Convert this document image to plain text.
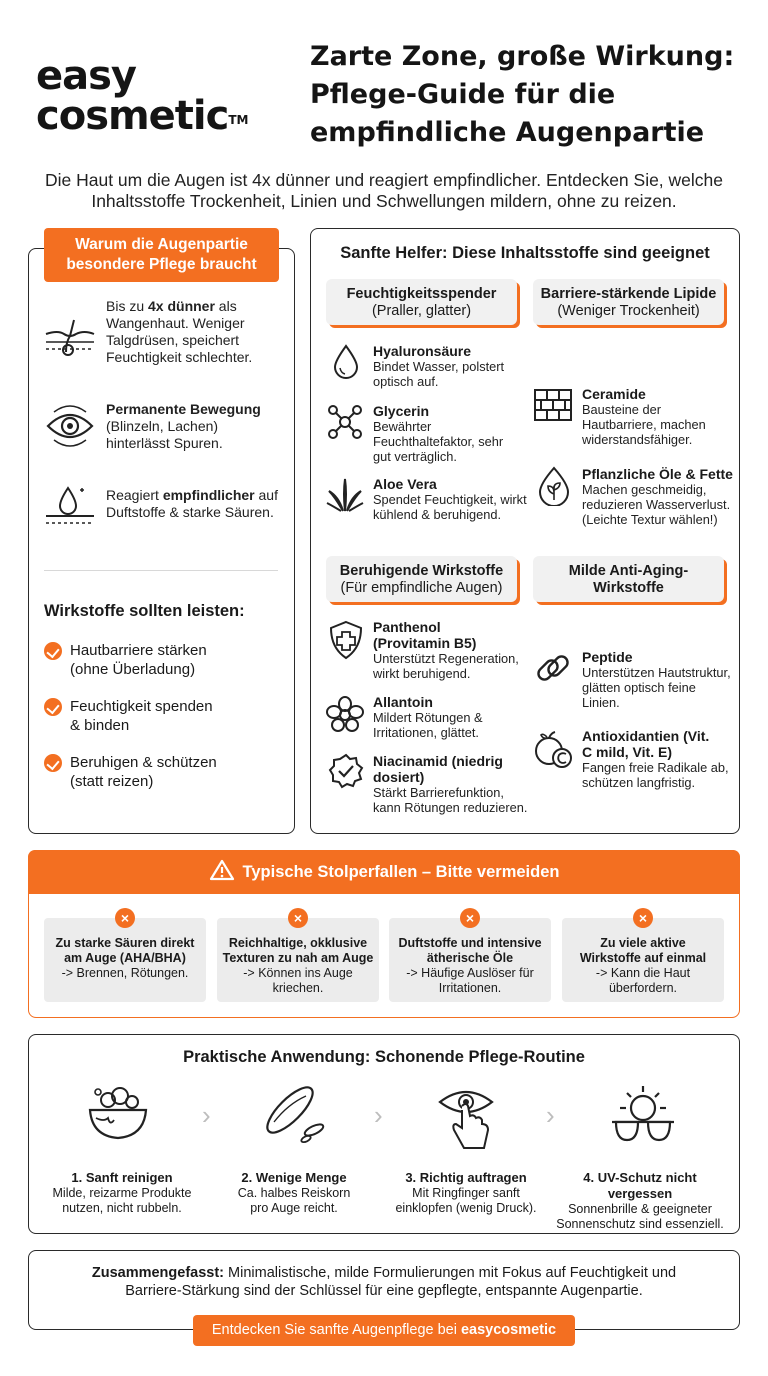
easy
cosmetic™
Zarte Zone, große Wirkung:
Pflege-Guide für die
empfindliche Augenpartie
Die Haut um die Augen ist 4x dünner und reagiert empfindlicher. Entdecken Sie, welche
Inhaltsstoffe Trockenheit, Linien und Schwellungen mildern, ohne zu reizen.
Warum die Augenpartie
besondere Pflege braucht
Bis zu 4x dünner als Wangenhaut. Weniger Talgdrüsen, speichert Feuchtigkeit schlechter.
Permanente Bewegung (Blinzeln, Lachen) hinterlässt Spuren.
Reagiert empfindlicher auf Duftstoffe & starke Säuren.
Wirkstoffe sollten leisten:
Hautbarriere stärken
(ohne Überladung)
Feuchtigkeit spenden
& binden
Beruhigen & schützen
(statt reizen)
Sanfte Helfer: Diese Inhaltsstoffe sind geeignet
Feuchtigkeitsspender
(Praller, glatter)
Barriere-stärkende Lipide
(Weniger Trockenheit)
Hyaluronsäure
Bindet Wasser, polstert optisch auf.
Glycerin
Bewährter Feuchthaltefaktor, sehr gut verträglich.
Aloe Vera
Spendet Feuchtigkeit, wirkt kühlend & beruhigend.
Ceramide
Bausteine der Hautbarriere, machen widerstandsfähiger.
Pflanzliche Öle & Fette
Machen geschmeidig, reduzieren Wasserverlust. (Leichte Textur wählen!)
Beruhigende Wirkstoffe
(Für empfindliche Augen)
Milde Anti-Aging-
Wirkstoffe
Panthenol (Provitamin B5)
Unterstützt Regeneration, wirkt beruhigend.
Allantoin
Mildert Rötungen & Irritationen, glättet.
Niacinamid (niedrig dosiert)
Stärkt Barrierefunktion, kann Rötungen reduzieren.
Peptide
Unterstützen Hautstruktur, glätten optisch feine Linien.
Antioxidantien (Vit. C mild, Vit. E)
Fangen freie Radikale ab, schützen langfristig.
Typische Stolperfallen – Bitte vermeiden
×
Zu starke Säuren direkt
am Auge (AHA/BHA)
-> Brennen, Rötungen.
×
Reichhaltige, okklusive
Texturen zu nah am Auge
-> Können ins Auge
kriechen.
×
Duftstoffe und intensive
ätherische Öle
-> Häufige Auslöser für
Irritationen.
×
Zu viele aktive
Wirkstoffe auf einmal
-> Kann die Haut
überfordern.
Praktische Anwendung: Schonende Pflege-Routine
›	›	›
1. Sanft reinigen
Milde, reizarme Produkte
nutzen, nicht rubbeln.
2. Wenige Menge
Ca. halbes Reiskorn
pro Auge reicht.
3. Richtig auftragen
Mit Ringfinger sanft
einklopfen (wenig Druck).
4. UV-Schutz nicht vergessen
Sonnenbrille & geeigneter
Sonnenschutz sind essenziell.
Zusammengefasst: Minimalistische, milde Formulierungen mit Fokus auf Feuchtigkeit und
Barriere-Stärkung sind der Schlüssel für eine gepflegte, entspannte Augenpartie.
Entdecken Sie sanfte Augenpflege bei easycosmetic
